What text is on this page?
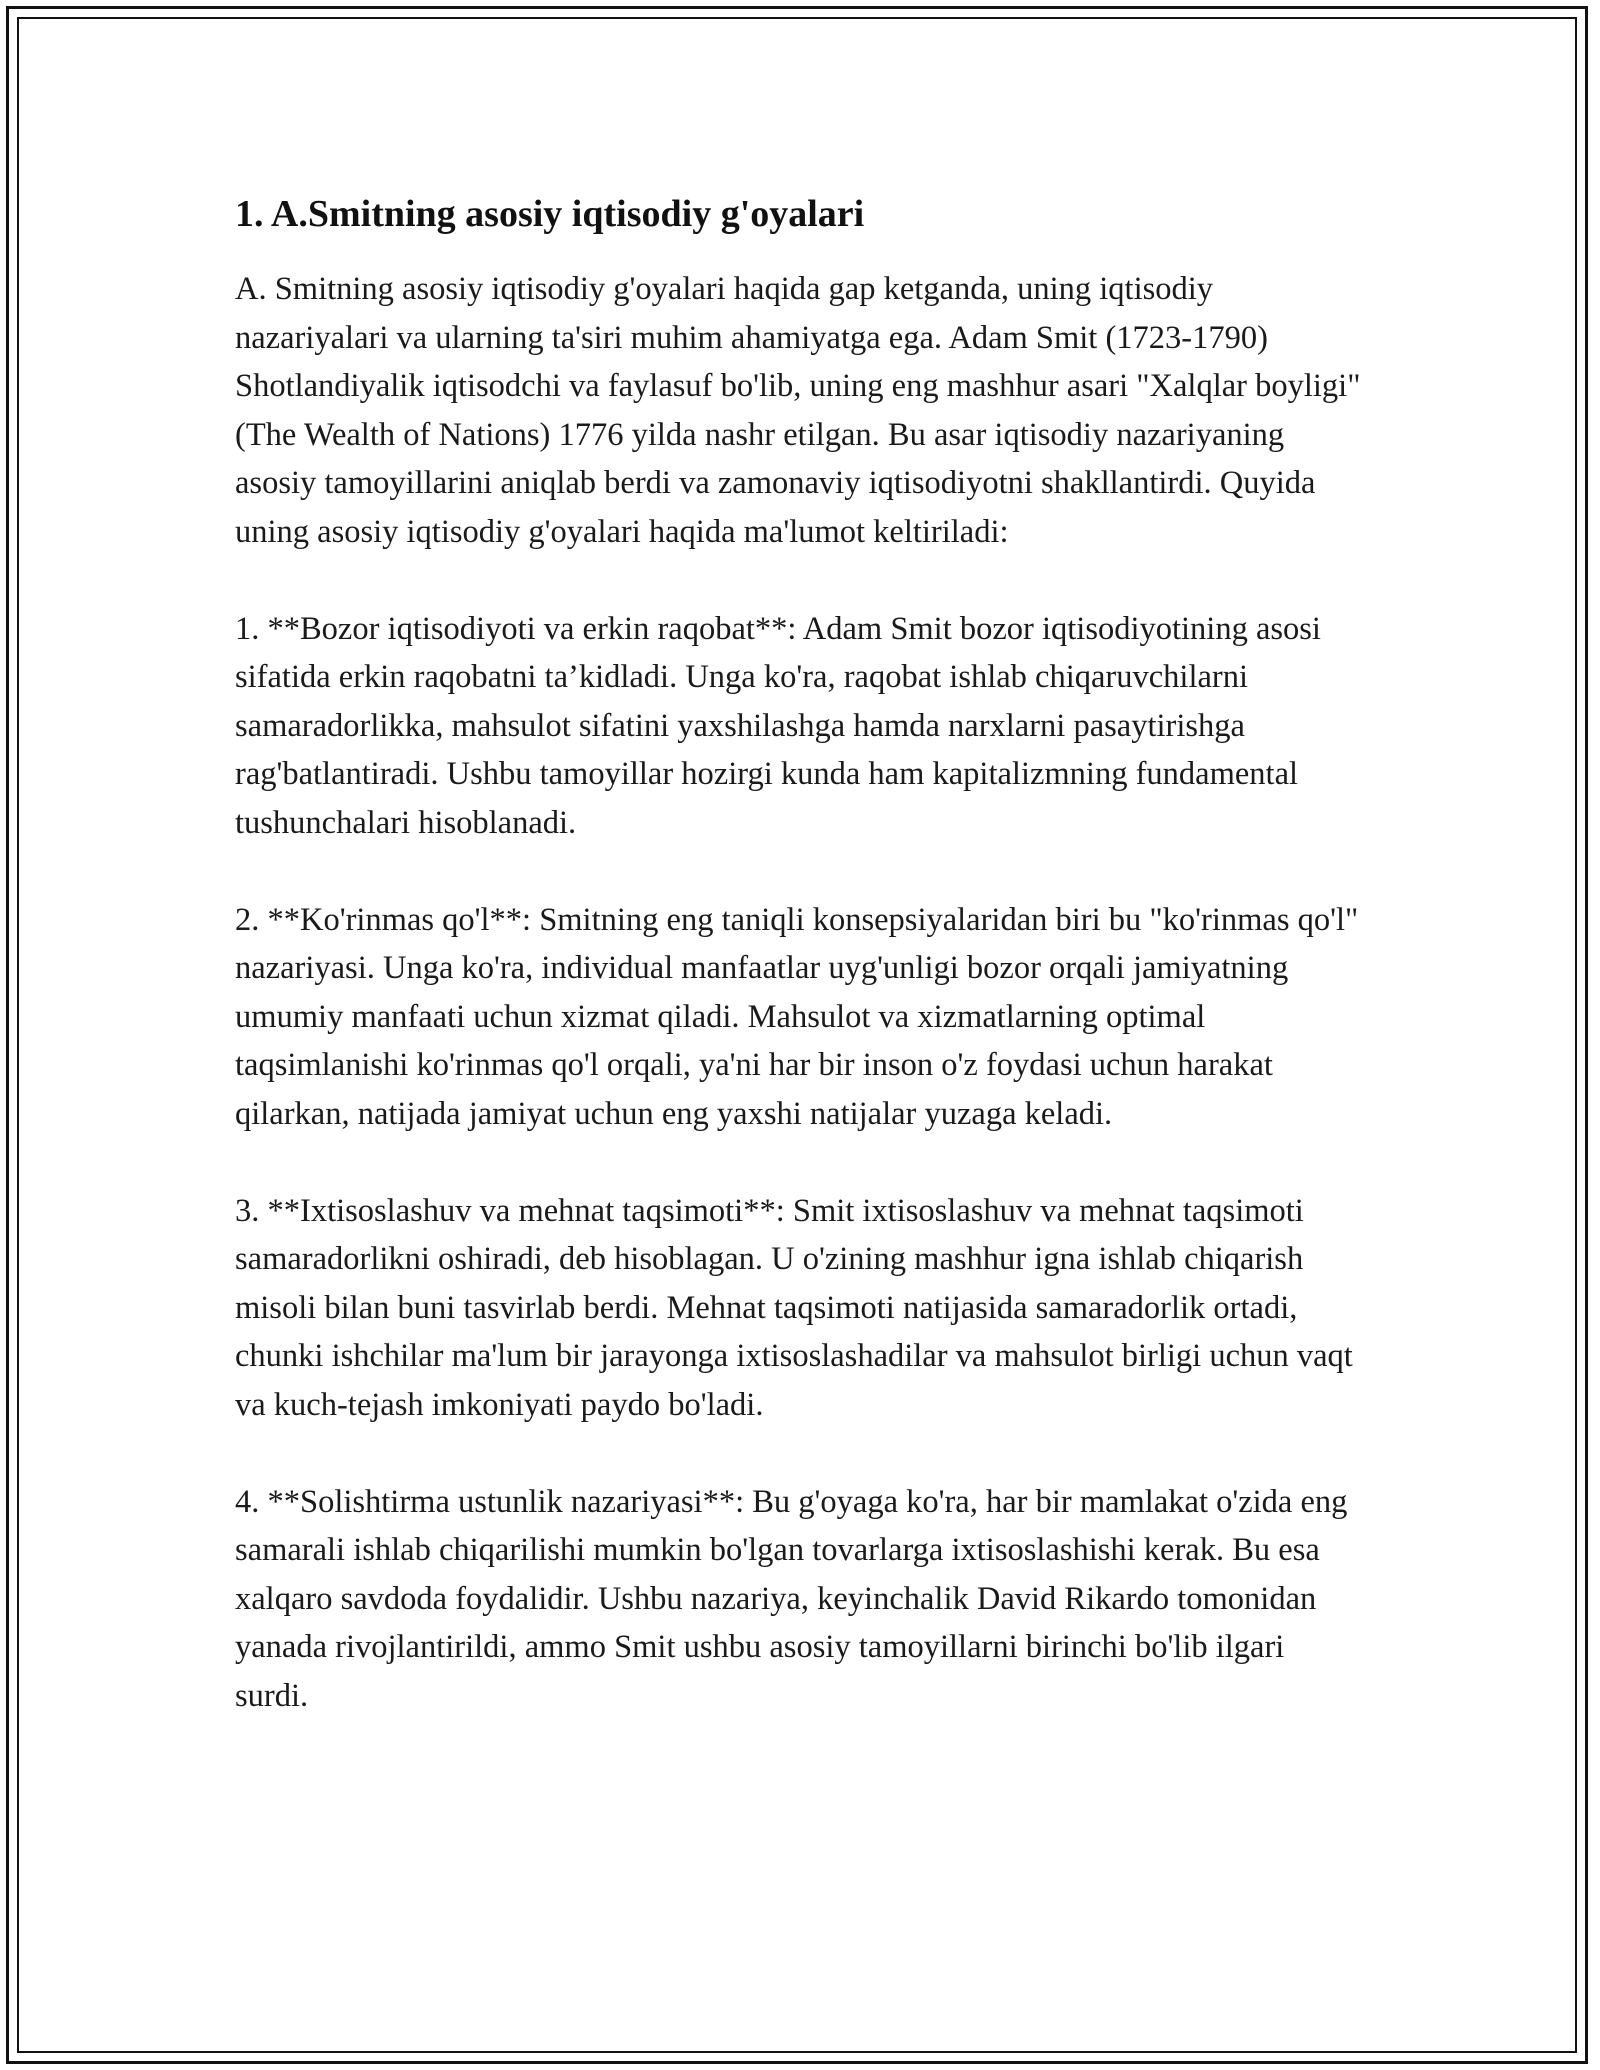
1. A.Smitning asosiy iqtisodiy g'oyalari

A. Smitning asosiy iqtisodiy g'oyalari haqida gap ketganda, uning iqtisodiy nazariyalari va ularning ta'siri muhim ahamiyatga ega. Adam Smit (1723-1790) Shotlandiyalik iqtisodchi va faylasuf bo'lib, uning eng mashhur asari "Xalqlar boyligi" (The Wealth of Nations) 1776 yilda nashr etilgan. Bu asar iqtisodiy nazariyaning asosiy tamoyillarini aniqlab berdi va zamonaviy iqtisodiyotni shakllantirdi. Quyida uning asosiy iqtisodiy g'oyalari haqida ma'lumot keltiriladi:

1. **Bozor iqtisodiyoti va erkin raqobat**: Adam Smit bozor iqtisodiyotining asosi sifatida erkin raqobatni ta’kidladi. Unga ko'ra, raqobat ishlab chiqaruvchilarni samaradorlikka, mahsulot sifatini yaxshilashga hamda narxlarni pasaytirishga rag'batlantiradi. Ushbu tamoyillar hozirgi kunda ham kapitalizmning fundamental tushunchalari hisoblanadi.

2. **Ko'rinmas qo'l**: Smitning eng taniqli konsepsiyalaridan biri bu "ko'rinmas qo'l" nazariyasi. Unga ko'ra, individual manfaatlar uyg'unligi bozor orqali jamiyatning umumiy manfaati uchun xizmat qiladi. Mahsulot va xizmatlarning optimal taqsimlanishi ko'rinmas qo'l orqali, ya'ni har bir inson o'z foydasi uchun harakat qilarkan, natijada jamiyat uchun eng yaxshi natijalar yuzaga keladi.

3. **Ixtisoslashuv va mehnat taqsimoti**: Smit ixtisoslashuv va mehnat taqsimoti samaradorlikni oshiradi, deb hisoblagan. U o'zining mashhur igna ishlab chiqarish misoli bilan buni tasvirlab berdi. Mehnat taqsimoti natijasida samaradorlik ortadi, chunki ishchilar ma'lum bir jarayonga ixtisoslashadilar va mahsulot birligi uchun vaqt va kuch-tejash imkoniyati paydo bo'ladi.

4. **Solishtirma ustunlik nazariyasi**: Bu g'oyaga ko'ra, har bir mamlakat o'zida eng samarali ishlab chiqarilishi mumkin bo'lgan tovarlarga ixtisoslashishi kerak. Bu esa xalqaro savdoda foydalidir. Ushbu nazariya, keyinchalik David Rikardo tomonidan yanada rivojlantirildi, ammo Smit ushbu asosiy tamoyillarni birinchi bo'lib ilgari surdi.
